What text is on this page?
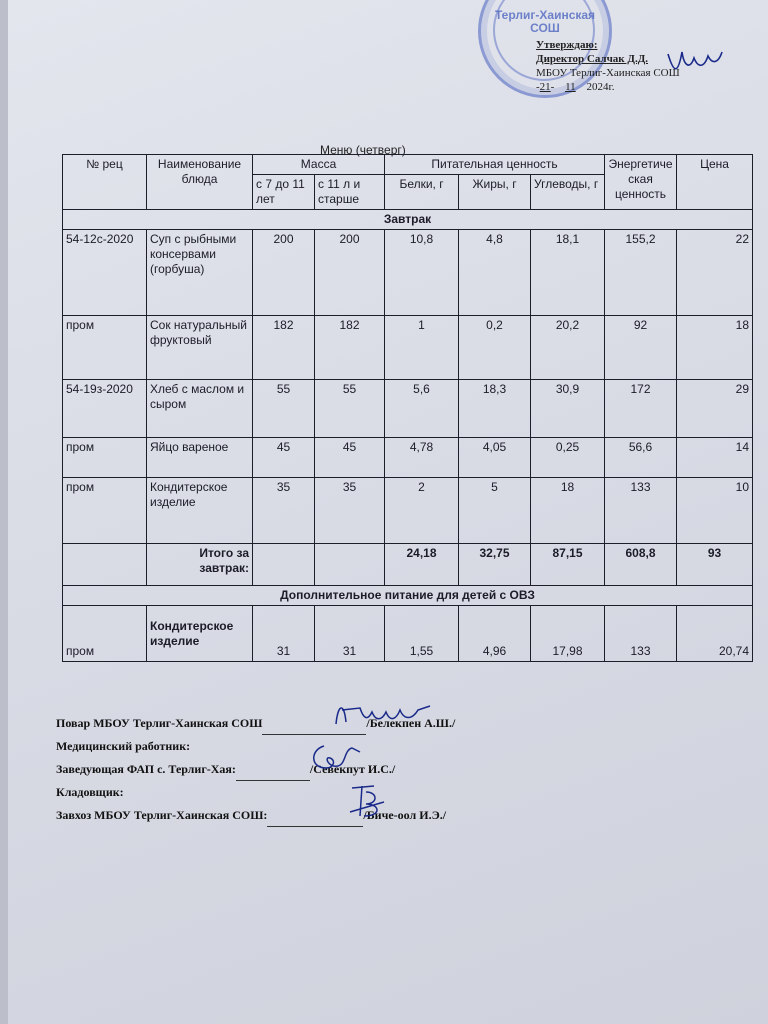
Терлиг-Хаинская
СОШ
Утверждаю:
Директор Салчак Д.Д.
МБОУ Терлиг-Хаинская СОШ
-21- 11 2024г.
Меню (четверг)
№ рец	Наименование блюда	Масса		Питательная ценность			Энергетическая ценность	Цена
		с 7 до 11 лет	с 11 л и старше	Белки, г	Жиры, г	Углеводы, г		
Завтрак								
54-12с-2020	Суп с рыбными консервами (горбуша)	200	200	10,8	4,8	18,1	155,2	22
пром	Сок натуральный фруктовый	182	182	1	0,2	20,2	92	18
54-19з-2020	Хлеб с маслом и сыром	55	55	5,6	18,3	30,9	172	29
пром	Яйцо вареное	45	45	4,78	4,05	0,25	56,6	14
пром	Кондитерское изделие	35	35	2	5	18	133	10
	Итого за завтрак:			24,18	32,75	87,15	608,8	93
Дополнительное питание для детей с ОВЗ								
пром	Кондитерское изделие	31	31	1,55	4,96	17,98	133	20,74
Повар МБОУ Терлиг-Хаинская СОШ	/Белекпен А.Ш./
Медицинский работник:
Заведующая ФАП с. Терлиг-Хая:	/Севекпут И.С./
Кладовщик:
Завхоз МБОУ Терлиг-Хаинская СОШ:	/Биче-оол И.Э./
